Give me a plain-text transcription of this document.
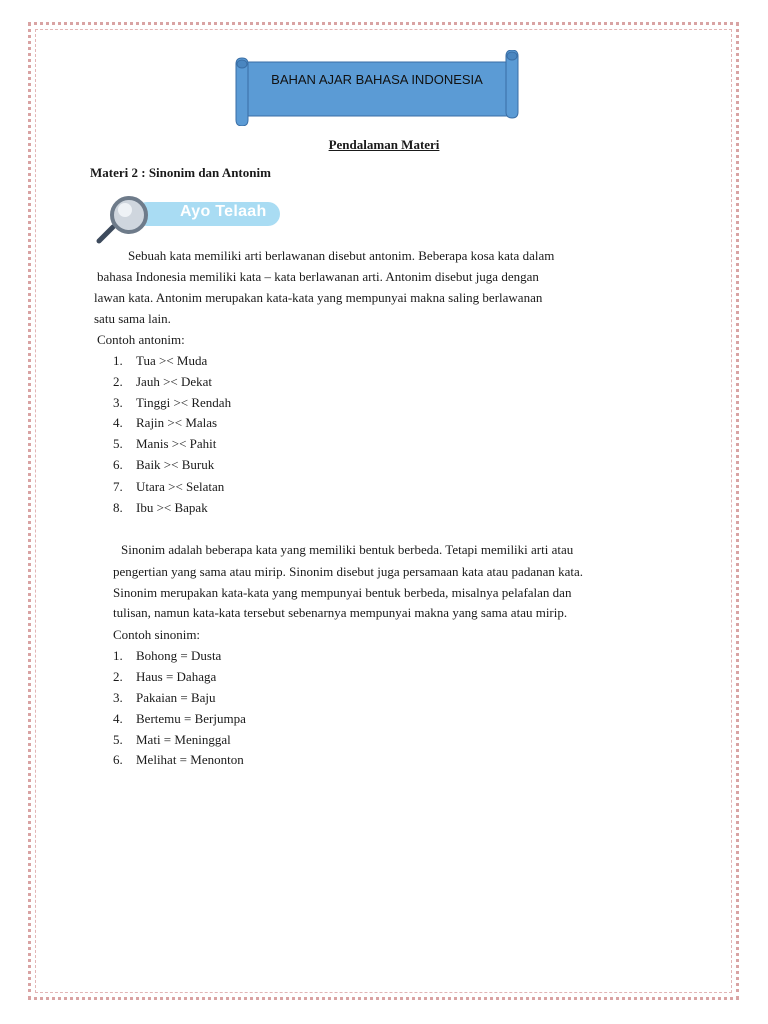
BAHAN AJAR BAHASA INDONESIA
Pendalaman Materi
Materi 2 : Sinonim dan Antonim
Ayo Telaah
Sebuah kata memiliki arti berlawanan disebut antonim. Beberapa kosa kata dalam
bahasa Indonesia memiliki kata – kata berlawanan arti. Antonim disebut juga dengan
lawan kata. Antonim merupakan kata-kata yang mempunyai makna saling berlawanan
satu sama lain.
Contoh antonim:
1. Tua >< Muda
2. Jauh >< Dekat
3. Tinggi >< Rendah
4. Rajin >< Malas
5. Manis >< Pahit
6. Baik >< Buruk
7. Utara >< Selatan
8. Ibu >< Bapak
Sinonim adalah beberapa kata yang memiliki bentuk berbeda. Tetapi memiliki arti atau
pengertian yang sama atau mirip. Sinonim disebut juga persamaan kata atau padanan kata.
Sinonim merupakan kata-kata yang mempunyai bentuk berbeda, misalnya pelafalan dan
tulisan, namun kata-kata tersebut sebenarnya mempunyai makna yang sama atau mirip.
Contoh sinonim:
1. Bohong = Dusta
2. Haus = Dahaga
3. Pakaian = Baju
4. Bertemu = Berjumpa
5. Mati = Meninggal
6. Melihat = Menonton
